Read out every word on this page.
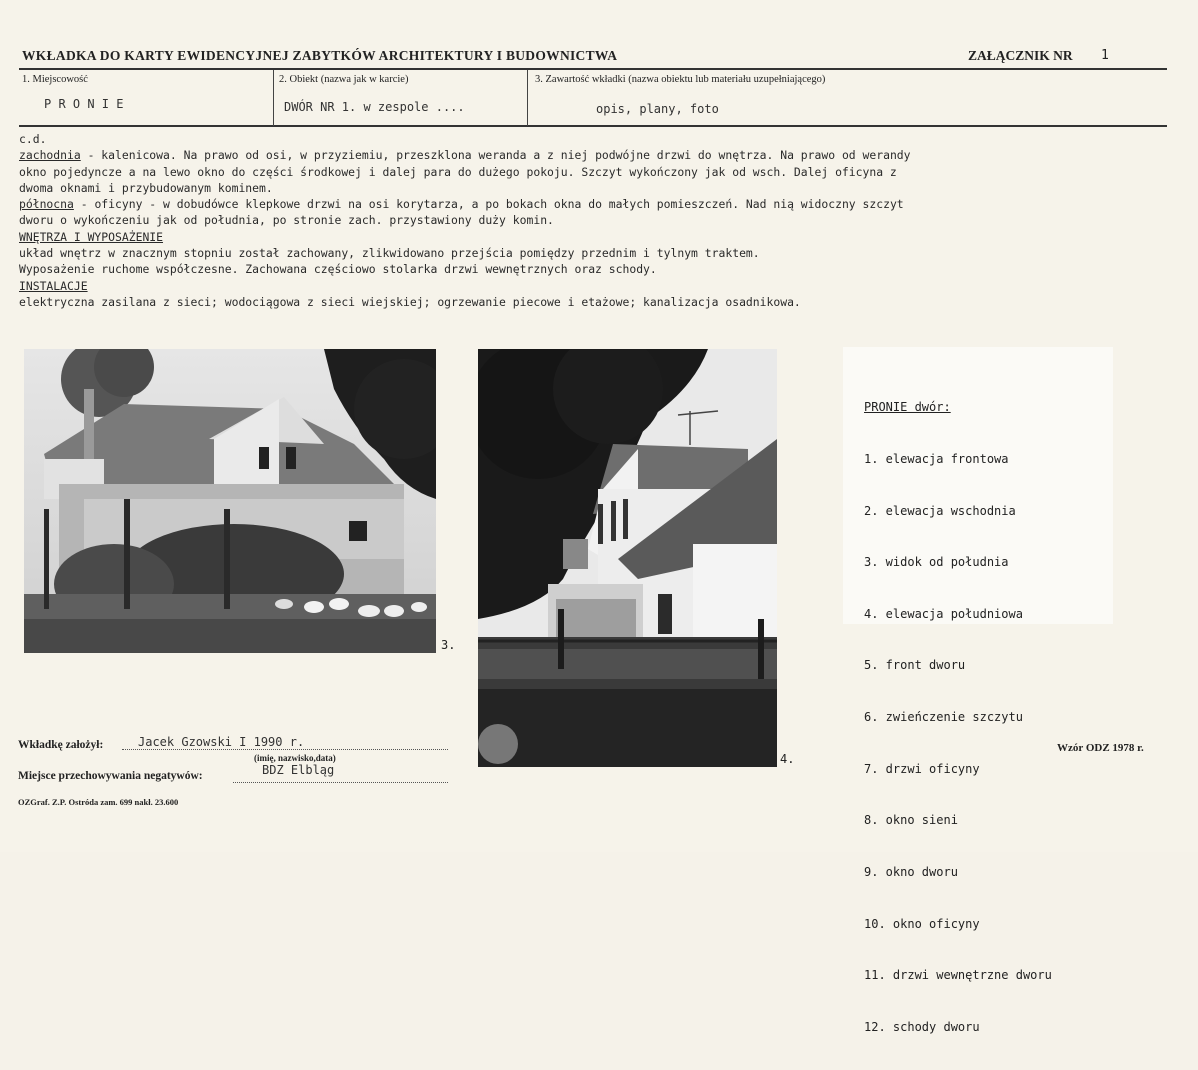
WKŁADKA DO KARTY EWIDENCYJNEJ ZABYTKÓW ARCHITEKTURY I BUDOWNICTWA	ZAŁĄCZNIK NR 1
1. Miejscowość
P R O N I E
2. Obiekt (nazwa jak w karcie)
DWÓR NR 1. w zespole ....
3. Zawartość wkładki (nazwa obiektu lub materiału uzupełniającego)
opis, plany, foto
c.d.
zachodnia - kalenicowa. Na prawo od osi, w przyziemiu, przeszklona weranda a z niej podwójne drzwi do wnętrza. Na prawo od werandy
okno pojedyncze a na lewo okno do części środkowej i dalej para do dużego pokoju. Szczyt wykończony jak od wsch. Dalej oficyna z
dwoma oknami i przybudowanym kominem.
północna - oficyny - w dobudówce klepkowe drzwi na osi korytarza, a po bokach okna do małych pomieszczeń. Nad nią widoczny szczyt
dworu o wykończeniu jak od południa, po stronie zach. przystawiony duży komin.
WNĘTRZA I WYPOSAŻENIE
układ wnętrz w znacznym stopniu został zachowany, zlikwidowano przejścia pomiędzy przednim i tylnym traktem.
Wyposażenie ruchome współczesne. Zachowana częściowo stolarka drzwi wewnętrznych oraz schody.
INSTALACJE
elektryczna zasilana z sieci; wodociągowa z sieci wiejskiej; ogrzewanie piecowe i etażowe; kanalizacja osadnikowa.
3.
4.

PRONIE dwór:

1. elewacja frontowa

2. elewacja wschodnia

3. widok od południa

4. elewacja południowa

5. front dworu

6. zwieńczenie szczytu

7. drzwi oficyny

8. okno sieni

9. okno dworu

10. okno oficyny

11. drzwi wewnętrzne dworu

12. schody dworu

Wkładkę założył:	Jacek Gzowski I 1990 r.
(imię, nazwisko,data)
Miejsce przechowywania negatywów:	BDZ Elbląg
OZGraf. Z.P. Ostróda zam. 699 nakł. 23.600
Wzór ODZ 1978 r.
